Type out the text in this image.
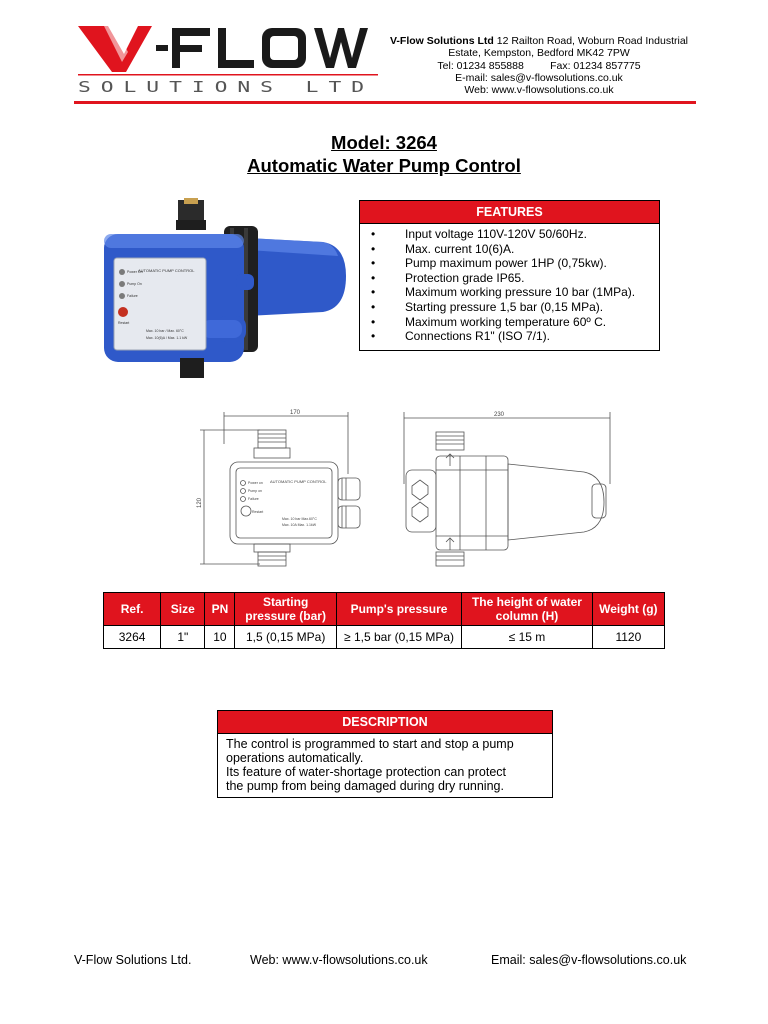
SOLUTIONS LTD
V-Flow Solutions Ltd 12 Railton Road, Woburn Road Industrial
Estate, Kempston, Bedford MK42 7PW
Tel: 01234 855888	Fax: 01234 857775
E-mail: sales@v-flowsolutions.co.uk
Web: www.v-flowsolutions.co.uk
Model: 3264
Automatic Water Pump Control
AUTOMATIC PUMP CONTROL
Power On
Pump On
Failure
Restart
Max. 10 bar / Max. 60°C
Max. 10(6)A / Max. 1.1 kW
FEATURES
• Input voltage 110V-120V 50/60Hz.
• Max. current 10(6)A.
• Pump maximum power 1HP (0,75kw).
• Protection grade IP65.
• Maximum working pressure 10 bar (1MPa).
• Starting pressure 1,5 bar (0,15 MPa).
• Maximum working temperature 60º C.
• Connections R1" (ISO 7/1).
170
120
AUTOMATIC PUMP CONTROL
Power on
Pump on
Failure
Restart
Max. 10 bar Max.60°C
Max. 10A Max. 1.1kW
230
Ref.	Size	PN	Starting pressure (bar)	Pump's pressure	The height of water column (H)	Weight (g)
3264	1"	10	1,5 (0,15 MPa)	≥ 1,5 bar (0,15 MPa)	≤ 15 m	1120
DESCRIPTION
The control is programmed to start and stop a pump
operations automatically.
Its feature of water-shortage protection can protect
the pump from being damaged during dry running.
V-Flow Solutions Ltd.	Web: www.v-flowsolutions.co.uk	Email: sales@v-flowsolutions.co.uk
